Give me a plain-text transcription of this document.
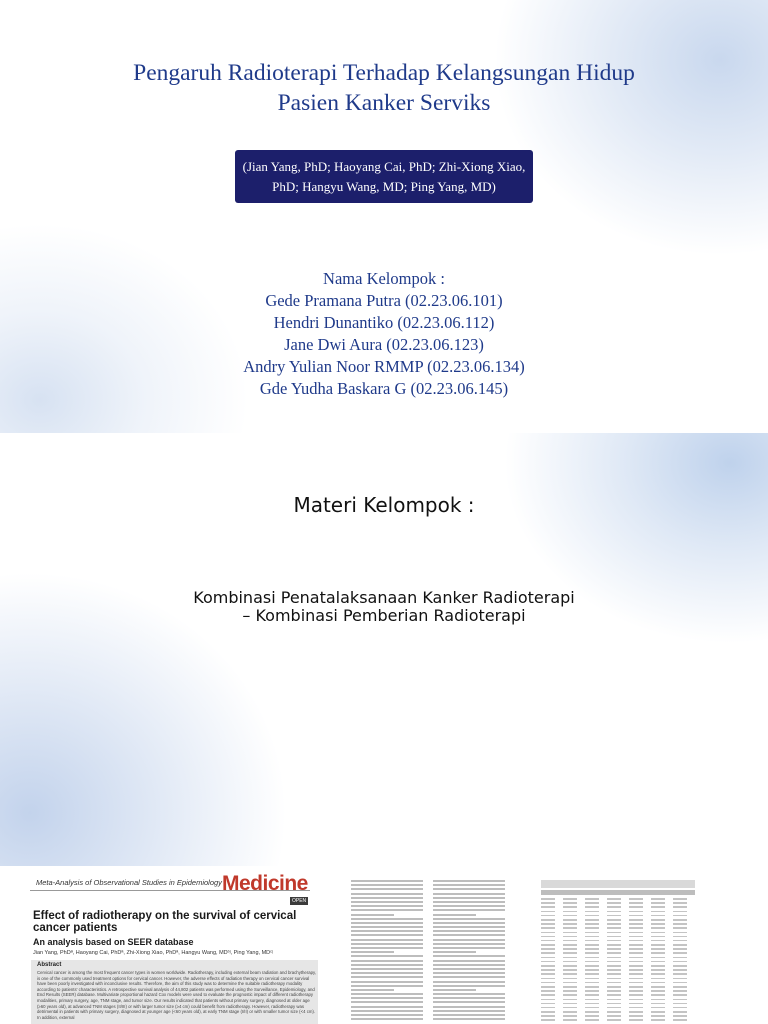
Pengaruh Radioterapi Terhadap Kelangsungan Hidup
Pasien Kanker Serviks
(Jian Yang, PhD; Haoyang Cai, PhD; Zhi-Xiong Xiao,
PhD; Hangyu Wang, MD; Ping Yang, MD)
Nama Kelompok :
Gede Pramana Putra (02.23.06.101)
Hendri Dunantiko (02.23.06.112)
Jane Dwi Aura (02.23.06.123)
Andry Yulian Noor RMMP (02.23.06.134)
Gde Yudha Baskara G (02.23.06.145)
Materi Kelompok :
Kombinasi Penatalaksanaan Kanker Radioterapi
– Kombinasi Pemberian Radioterapi
Meta-Analysis of Observational Studies in Epidemiology Medicine
OPEN
Effect of radiotherapy on the survival of cervical
cancer patients
An analysis based on SEER database
Jian Yang, PhDª, Haoyang Cai, PhDª, Zhi-Xiong Xiao, PhDª, Hangyu Wang, MDᵇʲ, Ping Yang, MDᶜʲ
Abstract
Cervical cancer is among the most frequent cancer types in women worldwide. Radiotherapy, including external beam radiation and brachytherapy, is one of the commonly used treatment options for cervical cancer. However, the adverse effects of radiation therapy on cervical cancer survival have been poorly investigated with inconclusive results. Therefore, the aim of this study was to determine the suitable radiotherapy modality according to patients' characteristics. A retrospective survival analysis of 44,802 patients was performed using the Surveillance, Epidemiology, and End Results (SEER) database. Multivariate proportional hazard Cox models were used to evaluate the prognostic impact of different radiotherapy modalities, primary surgery, age, TNM stage, and tumor size. Our results indicated that patients without primary surgery, diagnosed at older age (≥60 years old), at advanced TNM stages (II/III) or with larger tumor size (≥4 cm) could benefit from radiotherapy. However, radiotherapy was detrimental in patients with primary surgery, diagnosed at younger age (<60 years old), at early TNM stage (I/II) or with smaller tumor size (<4 cm). In addition, external
